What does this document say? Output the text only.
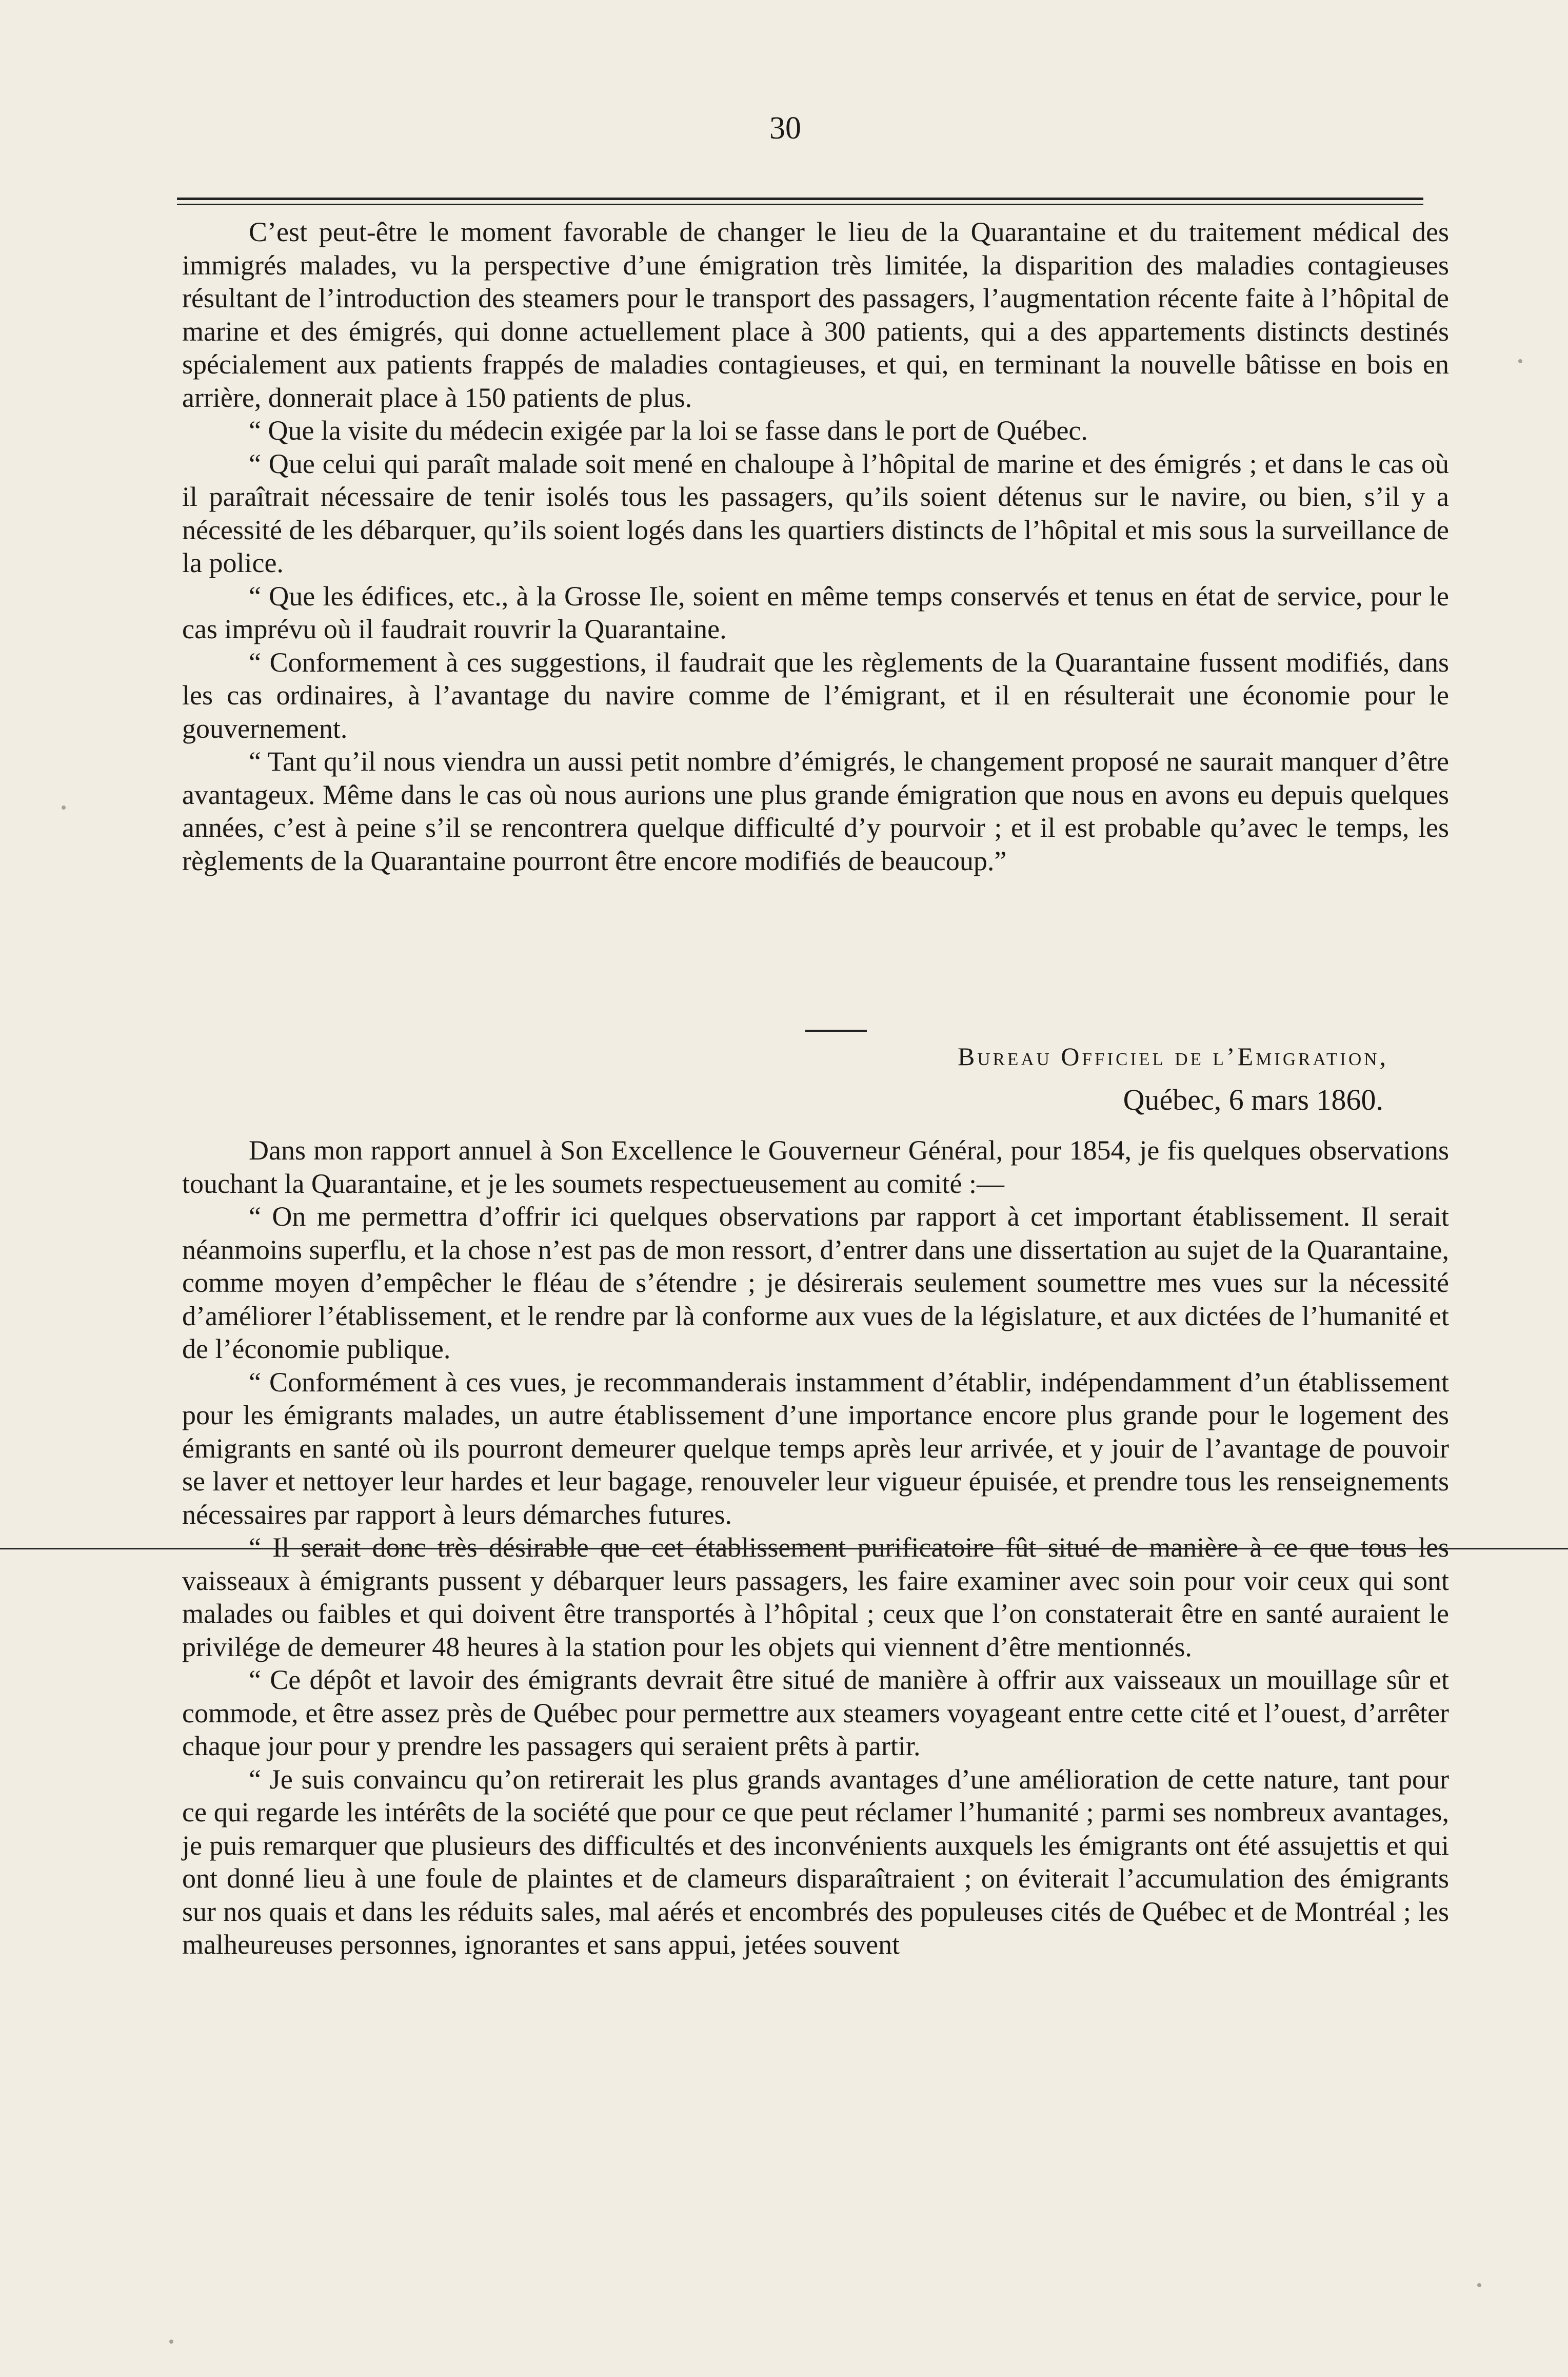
30

C’est peut-être le moment favorable de changer le lieu de la Quarantaine et du traitement médical des immigrés malades, vu la perspective d’une émigration très limitée, la disparition des maladies contagieuses résultant de l’introduction des steamers pour le transport des passagers, l’augmentation récente faite à l’hôpital de marine et des émigrés, qui donne actuellement place à 300 patients, qui a des appartements distincts destinés spécialement aux patients frappés de maladies contagieuses, et qui, en terminant la nouvelle bâtisse en bois en arrière, donnerait place à 150 patients de plus.

“ Que la visite du médecin exigée par la loi se fasse dans le port de Québec.

“ Que celui qui paraît malade soit mené en chaloupe à l’hôpital de marine et des émigrés ; et dans le cas où il paraîtrait nécessaire de tenir isolés tous les passagers, qu’ils soient détenus sur le navire, ou bien, s’il y a nécessité de les débarquer, qu’ils soient logés dans les quartiers distincts de l’hôpital et mis sous la surveillance de la police.

“ Que les édifices, etc., à la Grosse Ile, soient en même temps conservés et tenus en état de service, pour le cas imprévu où il faudrait rouvrir la Quarantaine.

“ Conformement à ces suggestions, il faudrait que les règlements de la Quarantaine fussent modifiés, dans les cas ordinaires, à l’avantage du navire comme de l’émigrant, et il en résulterait une économie pour le gouvernement.

“ Tant qu’il nous viendra un aussi petit nombre d’émigrés, le changement proposé ne saurait manquer d’être avantageux. Même dans le cas où nous aurions une plus grande émigration que nous en avons eu depuis quelques années, c’est à peine s’il se rencontrera quelque difficulté d’y pourvoir ; et il est probable qu’avec le temps, les règlements de la Quarantaine pourront être encore modifiés de beaucoup.”

Bureau Officiel de l’Emigration,
Québec, 6 mars 1860.

Dans mon rapport annuel à Son Excellence le Gouverneur Général, pour 1854, je fis quelques observations touchant la Quarantaine, et je les soumets respectueusement au comité :—

“ On me permettra d’offrir ici quelques observations par rapport à cet important établissement. Il serait néanmoins superflu, et la chose n’est pas de mon ressort, d’entrer dans une dissertation au sujet de la Quarantaine, comme moyen d’empêcher le fléau de s’étendre ; je désirerais seulement soumettre mes vues sur la nécessité d’améliorer l’établissement, et le rendre par là conforme aux vues de la législature, et aux dictées de l’humanité et de l’économie publique.

“ Conformément à ces vues, je recommanderais instamment d’établir, indépendamment d’un établissement pour les émigrants malades, un autre établissement d’une importance encore plus grande pour le logement des émigrants en santé où ils pourront demeurer quelque temps après leur arrivée, et y jouir de l’avantage de pouvoir se laver et nettoyer leur hardes et leur bagage, renouveler leur vigueur épuisée, et prendre tous les renseignements nécessaires par rapport à leurs démarches futures.

“ Il serait donc très désirable que cet établissement purificatoire fût situé de manière à ce que tous les vaisseaux à émigrants pussent y débarquer leurs passagers, les faire examiner avec soin pour voir ceux qui sont malades ou faibles et qui doivent être transportés à l’hôpital ; ceux que l’on constaterait être en santé auraient le privilége de demeurer 48 heures à la station pour les objets qui viennent d’être mentionnés.

“ Ce dépôt et lavoir des émigrants devrait être situé de manière à offrir aux vaisseaux un mouillage sûr et commode, et être assez près de Québec pour permettre aux steamers voyageant entre cette cité et l’ouest, d’arrêter chaque jour pour y prendre les passagers qui seraient prêts à partir.

“ Je suis convaincu qu’on retirerait les plus grands avantages d’une amélioration de cette nature, tant pour ce qui regarde les intérêts de la société que pour ce que peut réclamer l’humanité ; parmi ses nombreux avantages, je puis remarquer que plusieurs des difficultés et des inconvénients auxquels les émigrants ont été assujettis et qui ont donné lieu à une foule de plaintes et de clameurs disparaîtraient ; on éviterait l’accumulation des émigrants sur nos quais et dans les réduits sales, mal aérés et encombrés des populeuses cités de Québec et de Montréal ; les malheureuses personnes, ignorantes et sans appui, jetées souvent
